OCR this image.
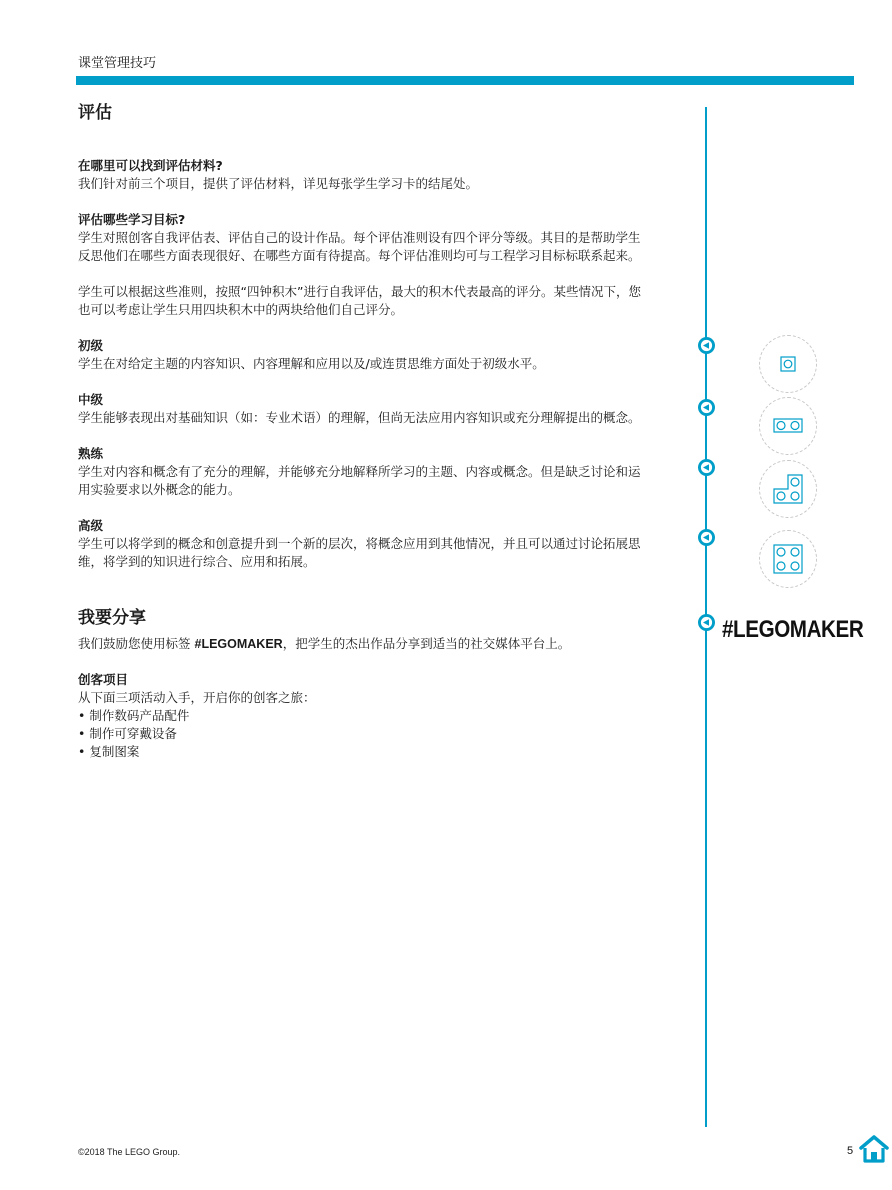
课堂管理技巧
评估

在哪里可以找到评估材料?

我们针对前三个项目，提供了评估材料，详见每张学生学习卡的结尾处。

评估哪些学习目标?

学生对照创客自我评估表、评估自己的设计作品。每个评估准则设有四个评分等级。其目的是帮助学生

反思他们在哪些方面表现很好、在哪些方面有待提高。每个评估准则均可与工程学习目标标联系起来。

学生可以根据这些准则，按照“四钟积木”进行自我评估，最大的积木代表最高的评分。某些情况下，您

也可以考虑让学生只用四块积木中的两块给他们自己评分。

初级

学生在对给定主题的内容知识、内容理解和应用以及/或连贯思维方面处于初级水平。

中级

学生能够表现出对基础知识（如：专业术语）的理解，但尚无法应用内容知识或充分理解提出的概念。

熟练

学生对内容和概念有了充分的理解，并能够充分地解释所学习的主题、内容或概念。但是缺乏讨论和运

用实验要求以外概念的能力。

高级

学生可以将学到的概念和创意提升到一个新的层次，将概念应用到其他情况，并且可以通过讨论拓展思

维，将学到的知识进行综合、应用和拓展。

我要分享

我们鼓励您使用标签 #LEGOMAKER，把学生的杰出作品分享到适当的社交媒体平台上。

创客项目

从下面三项活动入手，开启你的创客之旅：

• 制作数码产品配件
• 制作可穿戴设备
• 复制图案
#LEGOMAKER
©2018 The LEGO Group.	5
